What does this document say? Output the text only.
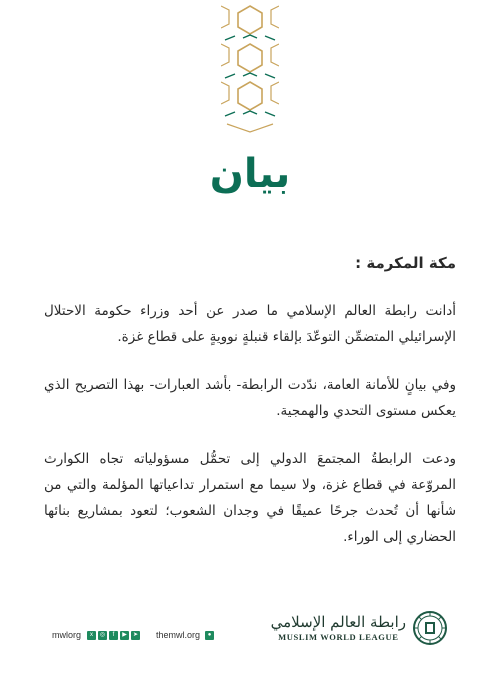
بيان

مكة المكرمة :

أدانت رابطة العالم الإسلامي ما صدر عن أحد وزراء حكومة الاحتلال الإسرائيلي المتضمِّن التوعّدَ بإلقاء قنبلةٍ نوويةٍ على قطاع غزة.

وفي بيانٍ للأمانة العامة، ندّدت الرابطة- بأشد العبارات- بهذا التصريح الذي يعكس مستوى التحدي والهمجية.

ودعت الرابطةُ المجتمعَ الدولي إلى تحمُّل مسؤولياته تجاه الكوارث المروّعة في قطاع غزة، ولا سيما مع استمرار تداعياتها المؤلمة والتي من شأنها أن تُحدث جرحًا عميقًا في وجدان الشعوب؛ لتعود بمشاريع بنائها الحضاري إلى الوراء.

mwlorg	x	◎	f	▶	➤ themwl.org	●
رابطة العالم الإسلامي
MUSLIM WORLD LEAGUE
